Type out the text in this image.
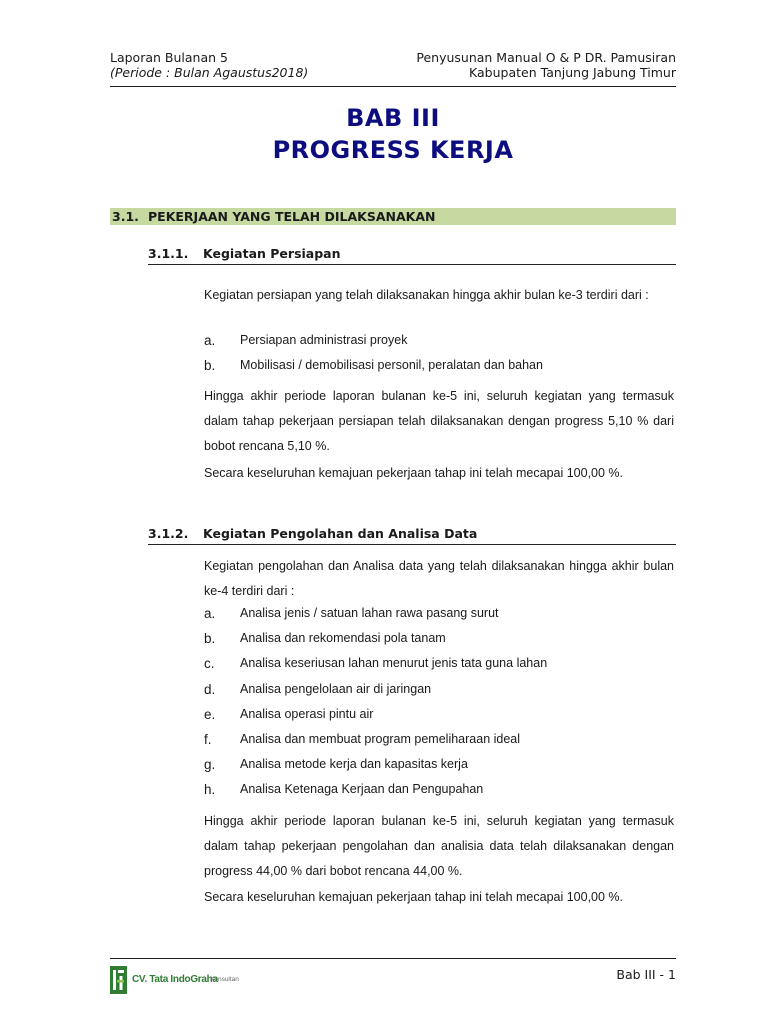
Laporan Bulanan 5
(Periode : Bulan Agaustus2018)
Penyusunan Manual O & P DR. Pamusiran
Kabupaten Tanjung Jabung Timur
BAB III
PROGRESS KERJA
3.1. PEKERJAAN YANG TELAH DILAKSANAKAN
3.1.1. Kegiatan Persiapan
Kegiatan persiapan yang telah dilaksanakan hingga akhir bulan ke-3 terdiri dari :
a. Persiapan administrasi proyek
b. Mobilisasi / demobilisasi personil, peralatan dan bahan
Hingga akhir periode laporan bulanan ke-5 ini, seluruh kegiatan yang termasuk dalam tahap pekerjaan persiapan telah dilaksanakan dengan progress 5,10 % dari bobot rencana 5,10 %.
Secara keseluruhan kemajuan pekerjaan tahap ini telah mecapai 100,00 %.
3.1.2. Kegiatan Pengolahan dan Analisa Data
Kegiatan pengolahan dan Analisa data yang telah dilaksanakan hingga akhir bulan ke-4 terdiri dari :
a. Analisa jenis / satuan lahan rawa pasang surut
b. Analisa dan rekomendasi pola tanam
c. Analisa keseriusan lahan menurut jenis tata guna lahan
d. Analisa pengelolaan air di jaringan
e. Analisa operasi pintu air
f. Analisa dan membuat program pemeliharaan ideal
g. Analisa metode kerja dan kapasitas kerja
h. Analisa Ketenaga Kerjaan dan Pengupahan
Hingga akhir periode laporan bulanan ke-5 ini, seluruh kegiatan yang termasuk dalam tahap pekerjaan pengolahan dan analisia data telah dilaksanakan dengan progress 44,00 % dari bobot rencana 44,00 %.
Secara keseluruhan kemajuan pekerjaan tahap ini telah mecapai 100,00 %.
CV. Tata IndoGraha
Konsultan	Bab III - 1
